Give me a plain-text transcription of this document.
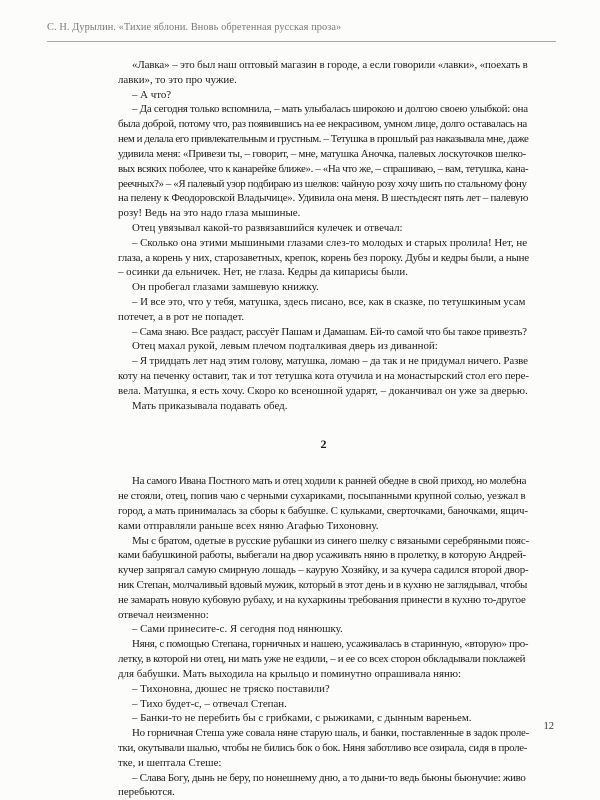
С. Н. Дурылин. «Тихие яблони. Вновь обретенная русская проза»

«Лавка» – это был наш оптовый магазин в городе, а если говорили «лавки», «поехать в
лавки», то это про чужие.
– А что?
– Да сегодня только вспомнила, – мать улыбалась широкою и долгою своею улыбкой: она
была доброй, потому что, раз появившись на ее некрасивом, умном лице, долго оставалась на
нем и делала его привлекательным и грустным. – Тетушка в прошлый раз наказывала мне, даже
удивила меня: «Привези ты, – говорит, – мне, матушка Аночка, палевых лоскуточков шелко-
вых всяких поболее, что к канарейке ближе». – «На что же, – спрашиваю, – вам, тетушка, кана-
реечных?» – «Я палевый узор подбираю из шелков: чайную розу хочу шить по стальному фону
на пелену к Феодоровской Владычице». Удивила она меня. В шестьдесят пять лет – палевую
розу! Ведь на это надо глаза мышиные.
Отец увязывал какой-то развязавшийся кулечек и отвечал:
– Сколько она этими мышиными глазами слез-то молодых и старых пролила! Нет, не
глаза, а корень у них, старозаветных, крепок, корень без пороку. Дубы и кедры были, а ныне
– осинки да ельничек. Нет, не глаза. Кедры да кипарисы были.
Он пробегал глазами замшевую книжку.
– И все это, что у тебя, матушка, здесь писано, все, как в сказке, по тетушкиным усам
потечет, а в рот не попадет.
– Сама знаю. Все раздаст, рассуёт Пашам и Дамашам. Ей-то самой что бы такое привезть?
Отец махал рукой, левым плечом подталкивая дверь из диванной:
– Я тридцать лет над этим голову, матушка, ломаю – да так и не придумал ничего. Разве
коту на печенку оставит, так и тот тетушка кота отучила и на монастырский стол его пере-
вела. Матушка, я есть хочу. Скоро ко всеношной ударят, – доканчивал он уже за дверью.
Мать приказывала подавать обед.

2

На самого Ивана Постного мать и отец ходили к ранней обедне в свой приход, но молебна
не стояли, отец, попив чаю с черными сухариками, посыпанными крупной солью, уезжал в
город, а мать принималась за сборы к бабушке. С кульками, сверточками, баночками, ящич-
ками отправляли раньше всех няню Агафью Тихоновну.
Мы с братом, одетые в русские рубашки из синего шелку с вязаными серебряными пояс-
ками бабушкиной работы, выбегали на двор усаживать няню в пролетку, в которую Андрей-
кучер запрягал самую смирную лошадь – каурую Хозяйку, и за кучера садился второй двор-
ник Степан, молчаливый вдовый мужик, который в этот день и в кухню не заглядывал, чтобы
не замарать новую кубовую рубаху, и на кухаркины требования принести в кухню то-другое
отвечал неизменно:
– Сами принесите-с. Я сегодня под нянюшку.
Няня, с помощью Степана, горничных и нашею, усаживалась в старинную, «вторую» про-
летку, в которой ни отец, ни мать уже не ездили, – и ее со всех сторон обкладывали поклажей
для бабушки. Мать выходила на крыльцо и поминутно опрашивала няню:
– Тихоновна, дюшес не тряско поставили?
– Тихо будет-с, – отвечал Степан.
– Банки-то не перебить бы с грибками, с рыжиками, с дынным вареньем.
Но горничная Стеша уже совала няне старую шаль, и банки, поставленные в задок проле-
тки, окутывали шалью, чтобы не бились бок о бок. Няня заботливо все озирала, сидя в проле-
тке, и шептала Стеше:
– Слава Богу, дынь не беру, по нонешнему дню, а то дыни-то ведь бьюны бьюнучие: живо
перебьются.

12
